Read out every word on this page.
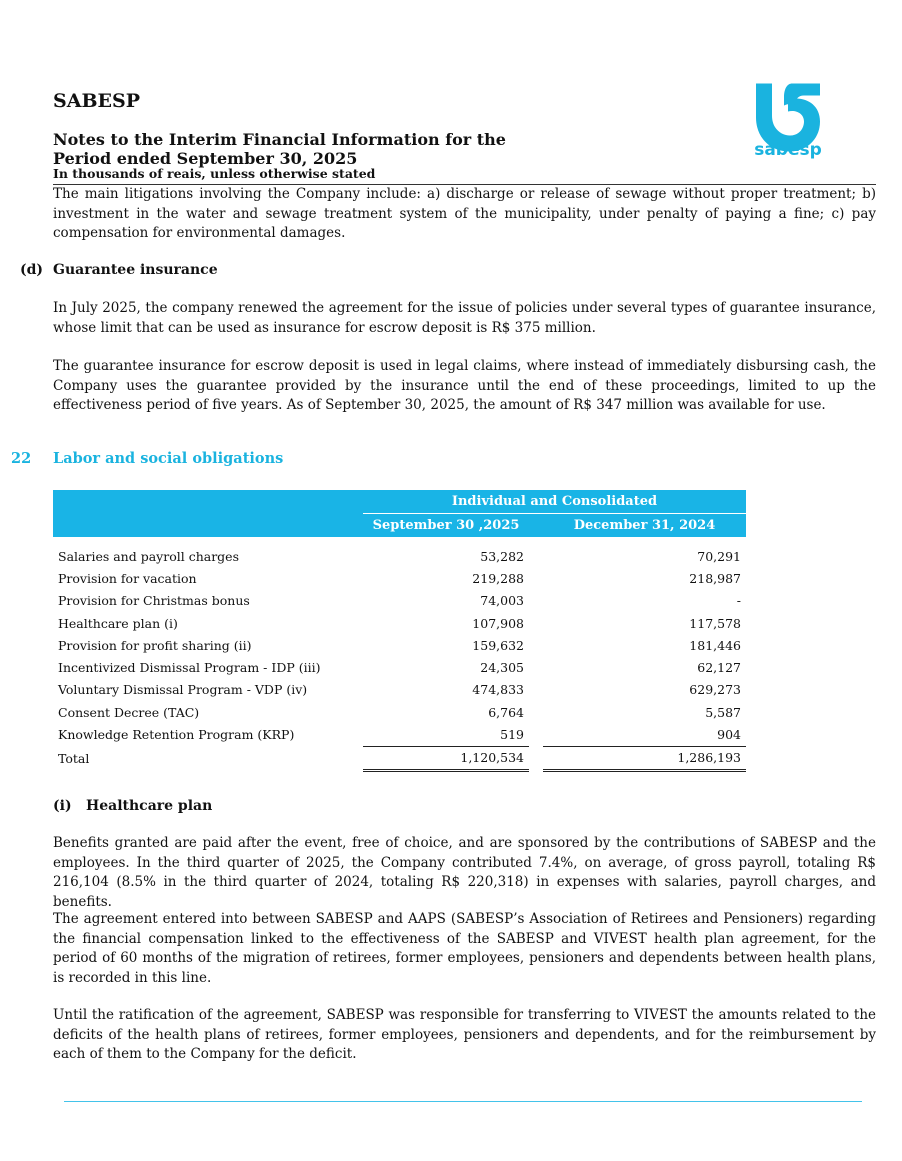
SABESP
Notes to the Interim Financial Information for the
Period ended September 30, 2025
In thousands of reais, unless otherwise stated
sabesp
The main litigations involving the Company include: a) discharge or release of sewage without proper treatment; b) investment in the water and sewage treatment system of the municipality, under penalty of paying a fine; c) pay compensation for environmental damages.
(d) Guarantee insurance
In July 2025, the company renewed the agreement for the issue of policies under several types of guarantee insurance, whose limit that can be used as insurance for escrow deposit is R$ 375 million.
The guarantee insurance for escrow deposit is used in legal claims, where instead of immediately disbursing cash, the Company uses the guarantee provided by the insurance until the end of these proceedings, limited to up the effectiveness period of five years. As of September 30, 2025, the amount of R$ 347 million was available for use.
22 Labor and social obligations
	Individual and Consolidated		
	September 30 ,2025		December 31, 2024

Salaries and payroll charges	53,282		70,291
Provision for vacation	219,288		218,987
Provision for Christmas bonus	74,003		-
Healthcare plan (i)	107,908		117,578
Provision for profit sharing (ii)	159,632		181,446
Incentivized Dismissal Program - IDP (iii)	24,305		62,127
Voluntary Dismissal Program - VDP (iv)	474,833		629,273
Consent Decree (TAC)	6,764		5,587
Knowledge Retention Program (KRP)	519		904
Total	1,120,534		1,286,193
(i) Healthcare plan
Benefits granted are paid after the event, free of choice, and are sponsored by the contributions of SABESP and the employees. In the third quarter of 2025, the Company contributed 7.4%, on average, of gross payroll, totaling R$ 216,104 (8.5% in the third quarter of 2024, totaling R$ 220,318) in expenses with salaries, payroll charges, and benefits.
The agreement entered into between SABESP and AAPS (SABESP’s Association of Retirees and Pensioners) regarding the financial compensation linked to the effectiveness of the SABESP and VIVEST health plan agreement, for the period of 60 months of the migration of retirees, former employees, pensioners and dependents between health plans, is recorded in this line.
Until the ratification of the agreement, SABESP was responsible for transferring to VIVEST the amounts related to the deficits of the health plans of retirees, former employees, pensioners and dependents, and for the reimbursement by each of them to the Company for the deficit.
